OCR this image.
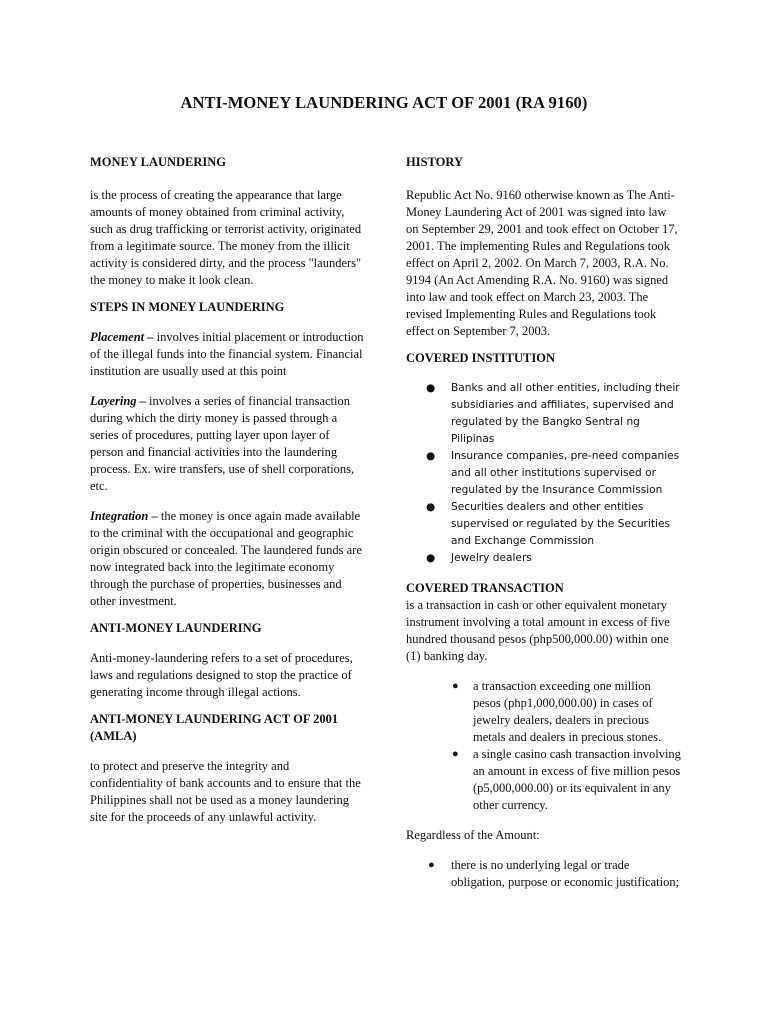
ANTI-MONEY LAUNDERING ACT OF 2001 (RA 9160)

MONEY LAUNDERING

is the process of creating the appearance that large amounts of money obtained from criminal activity, such as drug trafficking or terrorist activity, originated from a legitimate source. The money from the illicit activity is considered dirty, and the process "launders" the money to make it look clean.

STEPS IN MONEY LAUNDERING

Placement – involves initial placement or introduction of the illegal funds into the financial system. Financial institution are usually used at this point

Layering – involves a series of financial transaction during which the dirty money is passed through a series of procedures, putting layer upon layer of person and financial activities into the laundering process. Ex. wire transfers, use of shell corporations, etc.

Integration – the money is once again made available to the criminal with the occupational and geographic origin obscured or concealed. The laundered funds are now integrated back into the legitimate economy through the purchase of properties, businesses and other investment.

ANTI-MONEY LAUNDERING

Anti-money-laundering refers to a set of procedures, laws and regulations designed to stop the practice of generating income through illegal actions.

ANTI-MONEY LAUNDERING ACT OF 2001 (AMLA)

to protect and preserve the integrity and confidentiality of bank accounts and to ensure that the Philippines shall not be used as a money laundering site for the proceeds of any unlawful activity.

HISTORY

Republic Act No. 9160 otherwise known as The Anti-Money Laundering Act of 2001 was signed into law on September 29, 2001 and took effect on October 17, 2001. The implementing Rules and Regulations took effect on April 2, 2002. On March 7, 2003, R.A. No. 9194 (An Act Amending R.A. No. 9160) was signed into law and took effect on March 23, 2003. The revised Implementing Rules and Regulations took effect on September 7, 2003.

COVERED INSTITUTION

● Banks and all other entities, including their subsidiaries and affiliates, supervised and regulated by the Bangko Sentral ng Pilipinas
● Insurance companies, pre-need companies and all other institutions supervised or regulated by the Insurance Commission
● Securities dealers and other entities supervised or regulated by the Securities and Exchange Commission
● Jewelry dealers

COVERED TRANSACTION

is a transaction in cash or other equivalent monetary instrument involving a total amount in excess of five hundred thousand pesos (php500,000.00) within one (1) banking day.

● a transaction exceeding one million pesos (php1,000,000.00) in cases of jewelry dealers, dealers in precious metals and dealers in precious stones.
● a single casino cash transaction involving an amount in excess of five million pesos (p5,000,000.00) or its equivalent in any other currency.

Regardless of the Amount:

● there is no underlying legal or trade obligation, purpose or economic justification;
